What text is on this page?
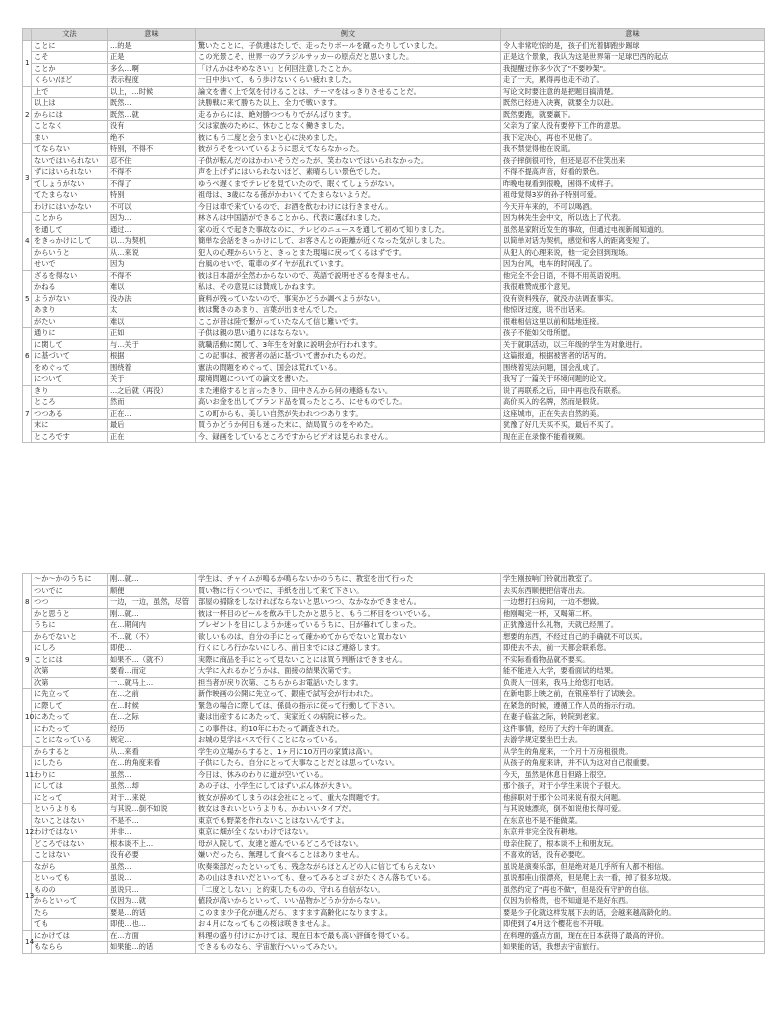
	文法	意味	例文	意味
1	ことに	…的是	驚いたことに、子供達はたしで、走ったりボールを蹴ったりしていました。	令人非常吃惊的是，孩子们光着脚跑步踢球
	こそ	正是	この光景こそ、世界一のブラジルサッカーの原点だと思いました。	正是这个景象，我认为这是世界第一足球巴西的起点
	ことか	多么…啊	「けんかはやめなさい」と何回注意したことか。	我提醒过你多少次了"不要吵架"。
	くらい/ほど	表示程度	一日中歩いて、もう歩けないくらい疲れました。	走了一天，累得再也走不动了。
2	上で	以上，…时候	論文を書く上で気を付けることは、テーマをはっきりさせることだ。	写论文时要注意的是把题目搞清楚。
	以上は	既然…	決勝戦に来て勝ちた以上、全力で戦います。	既然已经进入决赛，就要全力以赴。
	からには	既然…就	走るからには、絶対勝つつもりでがんばります。	既然要跑，就要赢下。
	ことなく	没有	父は家族のために、休むことなく働きました。	父亲为了家人没有要停下工作的意思。
	まい	绝不	彼にもう二度と会うまいと心に決めました。	我下定决心，再也不见他了。
3	てならない	特别，不得不	彼がうそをついているように思えてならなかった。	我不禁觉得他在说谎。
	ないではいられない	忍不住	子供が転んだのはかわいそうだったが、笑わないではいられなかった。	孩子摔倒很可怜，但还是忍不住笑出来
	ずにはいられない	不得不	声を上げずにはいられないほど、素晴らしい景色でした。	不得不提高声音，好看的景色。
	てしょうがない	不得了	ゆうべ遅くまでテレビを見ていたので、眠くてしょうがない。	昨晚电视看到很晚，困得不成样子。
	てたまらない	特别	祖母は、3歳になる孫がかわいくてたまらないようだ。	祖母觉得3岁的孙子特别可爱。
	わけにはいかない	不可以	今日は車で来ているので、お酒を飲むわけには行きません。	今天开车来的，不可以喝酒。
4	ことから	因为…	林さんは中国語ができることから、代表に選ばれました。	因为林先生会中文，所以选上了代表。
	を通して	通过…	家の近くで起きた事故なのに、テレビのニュースを通して初めて知りました。	虽然是家附近发生的事故，但通过电视新闻知道的。
	をきっかけにして	以…为契机	簡単な会話をきっかけにして、お客さんとの距離が近くなった気がしました。	以简单对话为契机，感觉和客人的距离变短了。
	からいうと	从…来说	犯人の心理からいうと、きっとまた現場に戻ってくるはずです。	从犯人的心理来说，他一定会回到现场。
	せいで	因为	台風のせいで、電車のダイヤが乱れています。	因为台风，电车的时间乱了。
5	ざるを得ない	不得不	彼は日本語が全然わからないので、英語で説明せざるを得ません。	他完全不会日语，不得不用英语说明。
	かねる	难以	私は、その意見には賛成しかねます。	我很难赞成那个意见。
	ようがない	没办法	資料が残っていないので、事実かどうか調べようがない。	没有资料残存，就没办法调查事实。
	あまり	太	彼は驚きのあまり、言葉が出ませんでした。	他惊讶过度，说不出话来。
	がたい	难以	ここが昔は陸で繋がっていたなんて信じ難いです。	很难相信这里以前和陆地连接。
6	通りに	正如	子供は親の思い通りにはならない。	孩子不能如父母所愿。
	に関して	与…关于	就職活動に関して、3年生を対象に説明会が行われます。	关于就职活动，以三年级的学生为对象进行。
	に基づいて	根据	この記事は、被害者の話に基づいて書かれたものだ。	这篇报道，根据被害者的话写的。
	をめぐって	围绕着	憲法の問題をめぐって、国会は荒れている。	围绕着宪法问题，国会乱成了。
	について	关于	環境問題についての論文を書いた。	我写了一篇关于环境问题的论文。
7	きり	…之后就（再没）	また連絡すると言ったきり、田中さんから何の連絡もない。	说了再联系之后，田中再也没有联系。
	ところ	然而	高いお金を出してブランド品を買ったところ、にせものでした。	高价买入的名牌，然而是假货。
	つつある	正在…	この町からも、美しい自然が失われつつあります。	这座城市，正在失去自然的美。
	末に	最后	買うかどうか何日も迷った末に、結局買うのをやめた。	犹豫了好几天买不买，最后不买了。
	ところです	正在	今、録画をしているところですからビデオは見られません。	现在正在录像不能看视频。
8	～か～かのうちに	刚…就…	学生は、チャイムが鳴るか鳴らないかのうちに、教室を出て行った	学生刚按响门铃就出教室了。
	ついでに	顺便	買い物に行くついでに、手紙を出して来て下さい。	去买东西顺便把信寄出去。
	つつ	一边，一边，虽然，尽管	部屋の掃除をしなければならないと思いつつ、なかなかできません。	一边想打扫房间，一边不想做。
	かと思うと	刚…就…	彼は一杯目のビールを飲み干したかと思うと、もう二杯目をついでいる。	他刚喝完一杯，又喝第二杯。
	うちに	在…期间内	プレゼントを目にしようか迷っているうちに、日が暮れてしまった。	正犹豫送什么礼物，天就已经黑了。
9	からでないと	不…就（不）	欲しいものは、自分の手にとって確かめてからでないと買わない	想要的东西，不经过自己的手确就不可以买。
	にしろ	即使…	行くにしろ行かないにしろ、前日までにはご連絡します。	即使去不去，前一天都会联系您。
	ことには	如果不…（就不）	実際に商品を手にとって見ないことには買う判断はできません。	不实际看看物品就不要买。
	次第	要看…而定	大学に入れるかどうかは、面接の結果次第です。	能不能进入大学，要看面试的结果。
	次第	一…就马上…	担当者が戻り次第、こちらからお電話いたします。	负责人一回来，我马上给您打电话。
10	に先立って	在…之前	新作映画の公開に先立って、銀座で試写会が行われた。	在新电影上映之前，在银座举行了试映会。
	に際して	在…时候	緊急の場合に際しては、係員の指示に従って行動して下さい。	在紧急的时候，遵循工作人员的指示行动。
	にあたって	在…之际	妻は出産するにあたって、実家近くの病院に移った。	在妻子临盆之际，转院到老家。
	にわたって	经历	この事件は、約10年にわたって調査された。	这件事情，经历了大约十年的调查。
	ことになっている	规定…	お城の見学はバスで行くことになっている。	去游学规定要坐巴士去。
11	からすると	从…来看	学生の立場からすると、1ヶ月に10万円の家賃は高い。	从学生的角度来，一个月十万房租很贵。
	にしたら	在…的角度来看	子供にしたら、自分にとって大事なことだとは思っていない。	从孩子的角度来讲，并不认为这对自己很重要。
	わりに	虽然…	今日は、休みのわりに道が空いている。	今天，虽然是休息日但路上很空。
	にしては	虽然…却	あの子は、小学生にしてはずいぶん体が大きい。	那个孩子，对于小学生来说个子很大。
	にとって	对于…来说	彼女が辞めてしまうのは会社にとって、重大な問題です。	他辞职对于那个公司来说有很大问题。
12	というよりも	与其说…倒不如说	彼女はきれいというよりも、かわいいタイプだ。	与其说她漂亮，倒不如说他长得可爱。
	ないことはない	不是不…	東京でも野菜を作れないことはないんですよ。	在东京也不是不能做菜。
	わけではない	并非…	東京に畑が全くないわけではない。	东京并非完全没有耕地。
	どころではない	根本谈不上…	母が入院して、友達と遊んでいるどころではない。	母亲住院了，根本谈不上和朋友玩。
	ことはない	没有必要	嫌いだったら、無理して食べることはありません。	不喜欢的话，没有必要吃。
13	ながら	虽然…	吹奏楽部だったといっても、残念ながらほとんどの人に信じてもらえない	虽说是演奏乐部，但是绝对是几乎所有人都不相信。
	といっても	虽说…	あの山はきれいだといっても、登ってみるとゴミがたくさん落ちている。	虽说那座山很漂亮，但是爬上去一看，掉了很多垃圾。
	ものの	虽说只…	「二度としない」と約束したものの、守れる自信がない。	虽然约定了"再也不做"，但是没有守护的自信。
	からといって	仅因为…就	値段が高いからといって、いい品物かどうか分からない。	仅因为价格贵，也不知道是不是好东西。
	たら	要是…的话	このまま少子化が進んだら、ますます高齢化になりますよ。	要是少子化就这样发展下去的话，会越来越高龄化的。
	ても	即使…也…	お４月になってもこの桜は咲きませんよ。	即使到了4月这个樱花也不开哦。
14	にかけては	在…方面	料理の盛り付けにかけては、現在日本で最も高い評価を得ている。	在料理的盛点方面，现在在日本获得了最高的评价。
	もならら	如果能…的话	できるものなら、宇宙旅行へいってみたい。	如果能的话，我想去宇宙旅行。
